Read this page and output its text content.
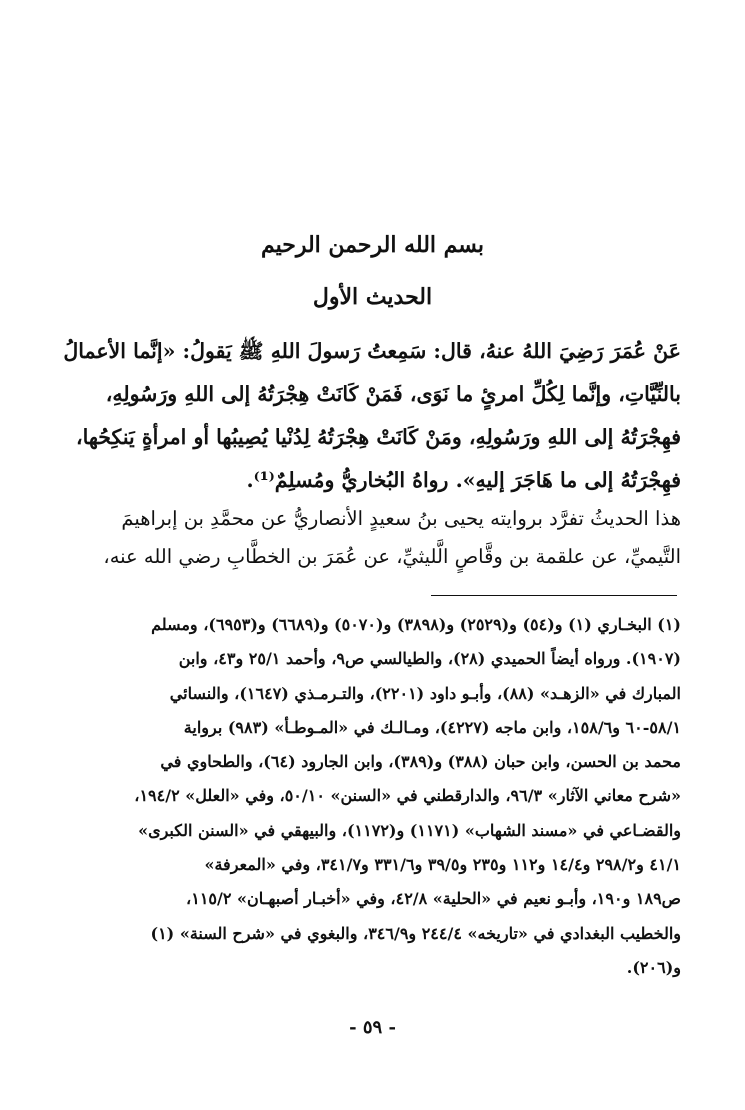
بسم الله الرحمن الرحيم
الحديث الأول
عَنْ عُمَرَ رَضِيَ اللهُ عنهُ، قال: سَمِعتُ رَسولَ اللهِ ﷺ يَقولُ: «إنَّما الأعمالُ
بالنِّيَّاتِ، وإنَّما لِكُلِّ امرئٍ ما نَوَى، فَمَنْ كَانَتْ هِجْرَتُهُ إلى اللهِ ورَسُولِهِ،
فهِجْرَتُهُ إلى اللهِ ورَسُولِهِ، ومَنْ كَانَتْ هِجْرَتُهُ لِدُنْيا يُصِيبُها أو امرأةٍ يَنكِحُها،
فهِجْرَتُهُ إلى ما هَاجَرَ إليهِ». رواهُ البُخاريُّ ومُسلِمٌ⁽¹⁾.
هذا الحديثُ تفرَّد بروايته يحيى بنُ سعيدٍ الأنصاريُّ عن محمَّدِ بن إبراهيمَ
التَّيميِّ، عن علقمة بن وقَّاصٍ الَّليثيِّ، عن عُمَرَ بن الخطَّابِ رضي الله عنه،
(١) البخـاري (١) و(٥٤) و(٢٥٢٩) و(٣٨٩٨) و(٥٠٧٠) و(٦٦٨٩) و(٦٩٥٣)، ومسلم
(١٩٠٧). ورواه أيضاً الحميدي (٢٨)، والطيالسي ص٩، وأحمد ٢٥/١ و٤٣، وابن
المبارك في «الزهـد» (٨٨)، وأبـو داود (٢٢٠١)، والتـرمـذي (١٦٤٧)، والنسائي
٥٨/١-٦٠ و١٥٨/٦، وابن ماجه (٤٢٢٧)، ومـالـك في «المـوطـأ» (٩٨٣) برواية
محمد بن الحسن، وابن حبان (٣٨٨) و(٣٨٩)، وابن الجارود (٦٤)، والطحاوي في
«شرح معاني الآثار» ٩٦/٣، والدارقطني في «السنن» ٥٠/١٠، وفي «العلل» ١٩٤/٢،
والقضـاعي في «مسند الشهاب» (١١٧١) و(١١٧٢)، والبيهقي في «السنن الكبرى»
٤١/١ و٢٩٨/٢ و١٤/٤ و١١٢ و٢٣٥ و٣٩/٥ و٣٣١/٦ و٣٤١/٧، وفي «المعرفة»
ص١٨٩ و١٩٠، وأبـو نعيم في «الحلية» ٤٢/٨، وفي «أخبـار أصبهـان» ١١٥/٢،
والخطيب البغدادي في «تاريخه» ٢٤٤/٤ و٣٤٦/٩، والبغوي في «شرح السنة» (١)
و(٢٠٦).
- ٥٩ -
